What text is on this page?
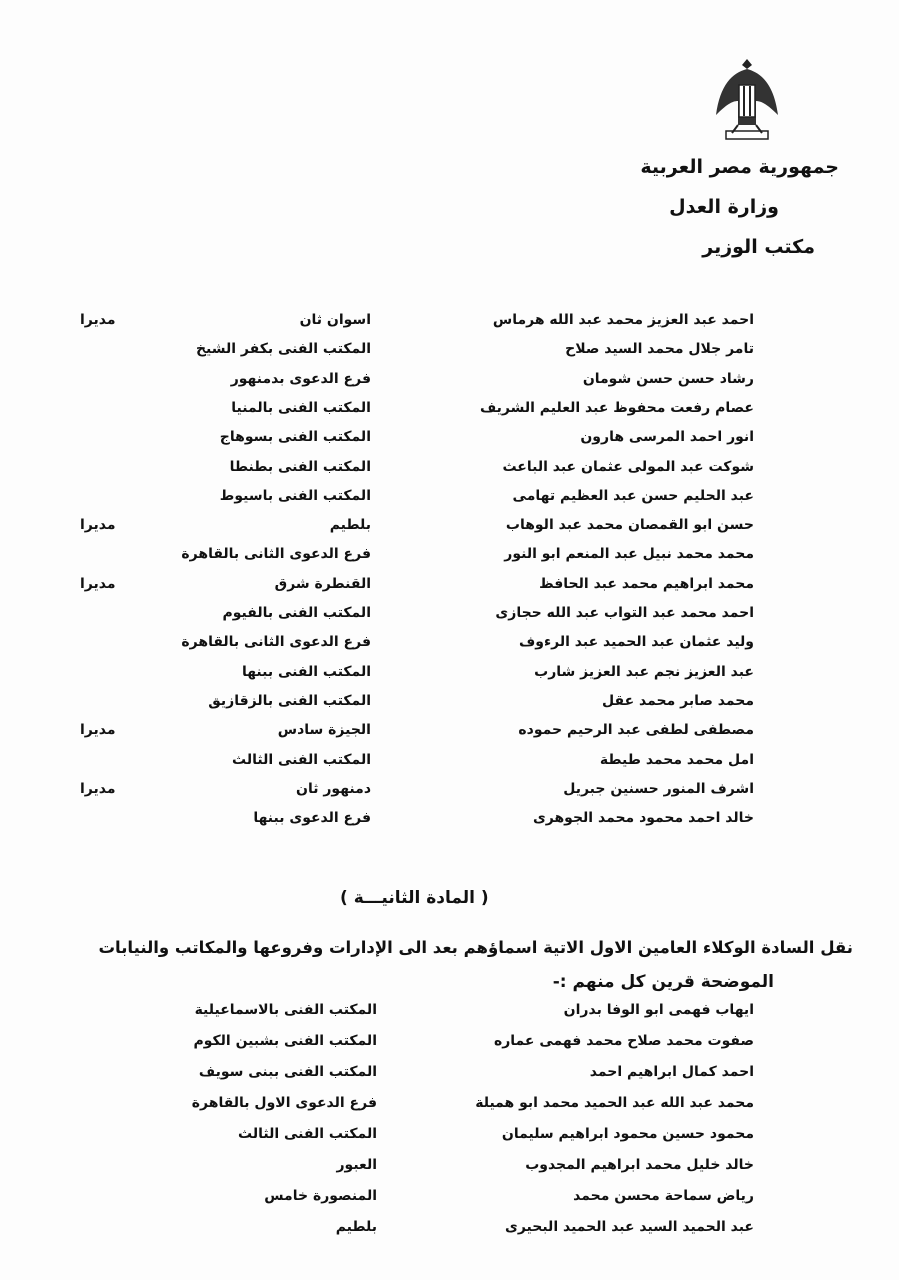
جمهورية مصر العربية
وزارة العدل
مكتب الوزير
احمد عبد العزيز محمد عبد الله هرماس
اسوان ثان
مديرا
تامر جلال محمد السيد صلاح
المكتب الفنى بكفر الشيخ
رشاد حسن حسن شومان
فرع الدعوى بدمنهور
عصام رفعت محفوظ عبد العليم الشريف
المكتب الفنى بالمنيا
انور احمد المرسى هارون
المكتب الفنى بسوهاج
شوكت عبد المولى عثمان عبد الباعث
المكتب الفنى بطنطا
عبد الحليم حسن عبد العظيم تهامى
المكتب الفنى باسيوط
حسن ابو القمصان محمد عبد الوهاب
بلطيم
مديرا
محمد محمد نبيل عبد المنعم ابو النور
فرع الدعوى الثانى بالقاهرة
محمد ابراهيم محمد عبد الحافظ
القنطرة شرق
مديرا
احمد محمد عبد التواب عبد الله حجازى
المكتب الفنى بالفيوم
وليد عثمان عبد الحميد عبد الرءوف
فرع الدعوى الثانى بالقاهرة
عبد العزيز نجم عبد العزيز شارب
المكتب الفنى ببنها
محمد صابر محمد عقل
المكتب الفنى بالزقازيق
مصطفى لطفى عبد الرحيم حموده
الجيزة سادس
مديرا
امل محمد محمد طيطة
المكتب الفنى الثالث
اشرف المنور حسنين جبريل
دمنهور ثان
مديرا
خالد احمد محمود محمد الجوهرى
فرع الدعوى ببنها
( المادة الثانيـــة )
نقل السادة الوكلاء العامين الاول الاتية اسماؤهم بعد الى الإدارات وفروعها والمكاتب والنيابات
الموضحة قرين كل منهم :-
ايهاب فهمى ابو الوفا بدران
المكتب الفنى بالاسماعيلية
صفوت محمد صلاح محمد فهمى عماره
المكتب الفنى بشبين الكوم
احمد كمال ابراهيم احمد
المكتب الفنى ببنى سويف
محمد عبد الله عبد الحميد محمد ابو هميلة
فرع الدعوى الاول بالقاهرة
محمود حسين محمود ابراهيم سليمان
المكتب الفنى الثالث
خالد خليل محمد ابراهيم المجدوب
العبور
رياض سماحة محسن محمد
المنصورة خامس
عبد الحميد السيد عبد الحميد البحيرى
بلطيم
